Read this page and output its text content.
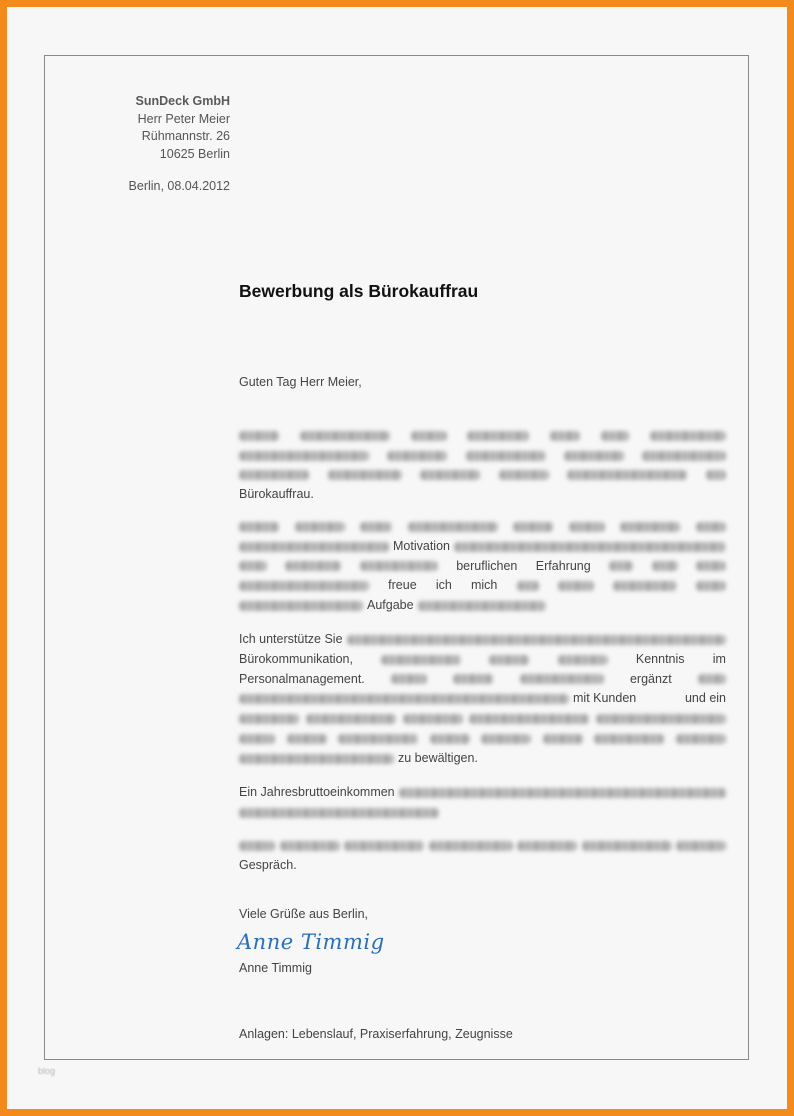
SunDeck GmbH
Herr Peter Meier
Rühmannstr. 26
10625 Berlin
Berlin, 08.04.2012
Bewerbung als Bürokauffrau
Guten Tag Herr Meier,
Bürokauffrau.
Motivation
beruflichen Erfahrung
freue ich mich
Aufgabe
Ich unterstütze Sie
Bürokommunikation,	Kenntnis im
Personalmanagement.	ergänzt
mit Kunden	und ein
zu bewältigen.
Ein Jahresbruttoeinkommen
Gespräch.
Viele Grüße aus Berlin,
Anne Timmig
Anne Timmig
Anlagen: Lebenslauf, Praxiserfahrung, Zeugnisse
blog
